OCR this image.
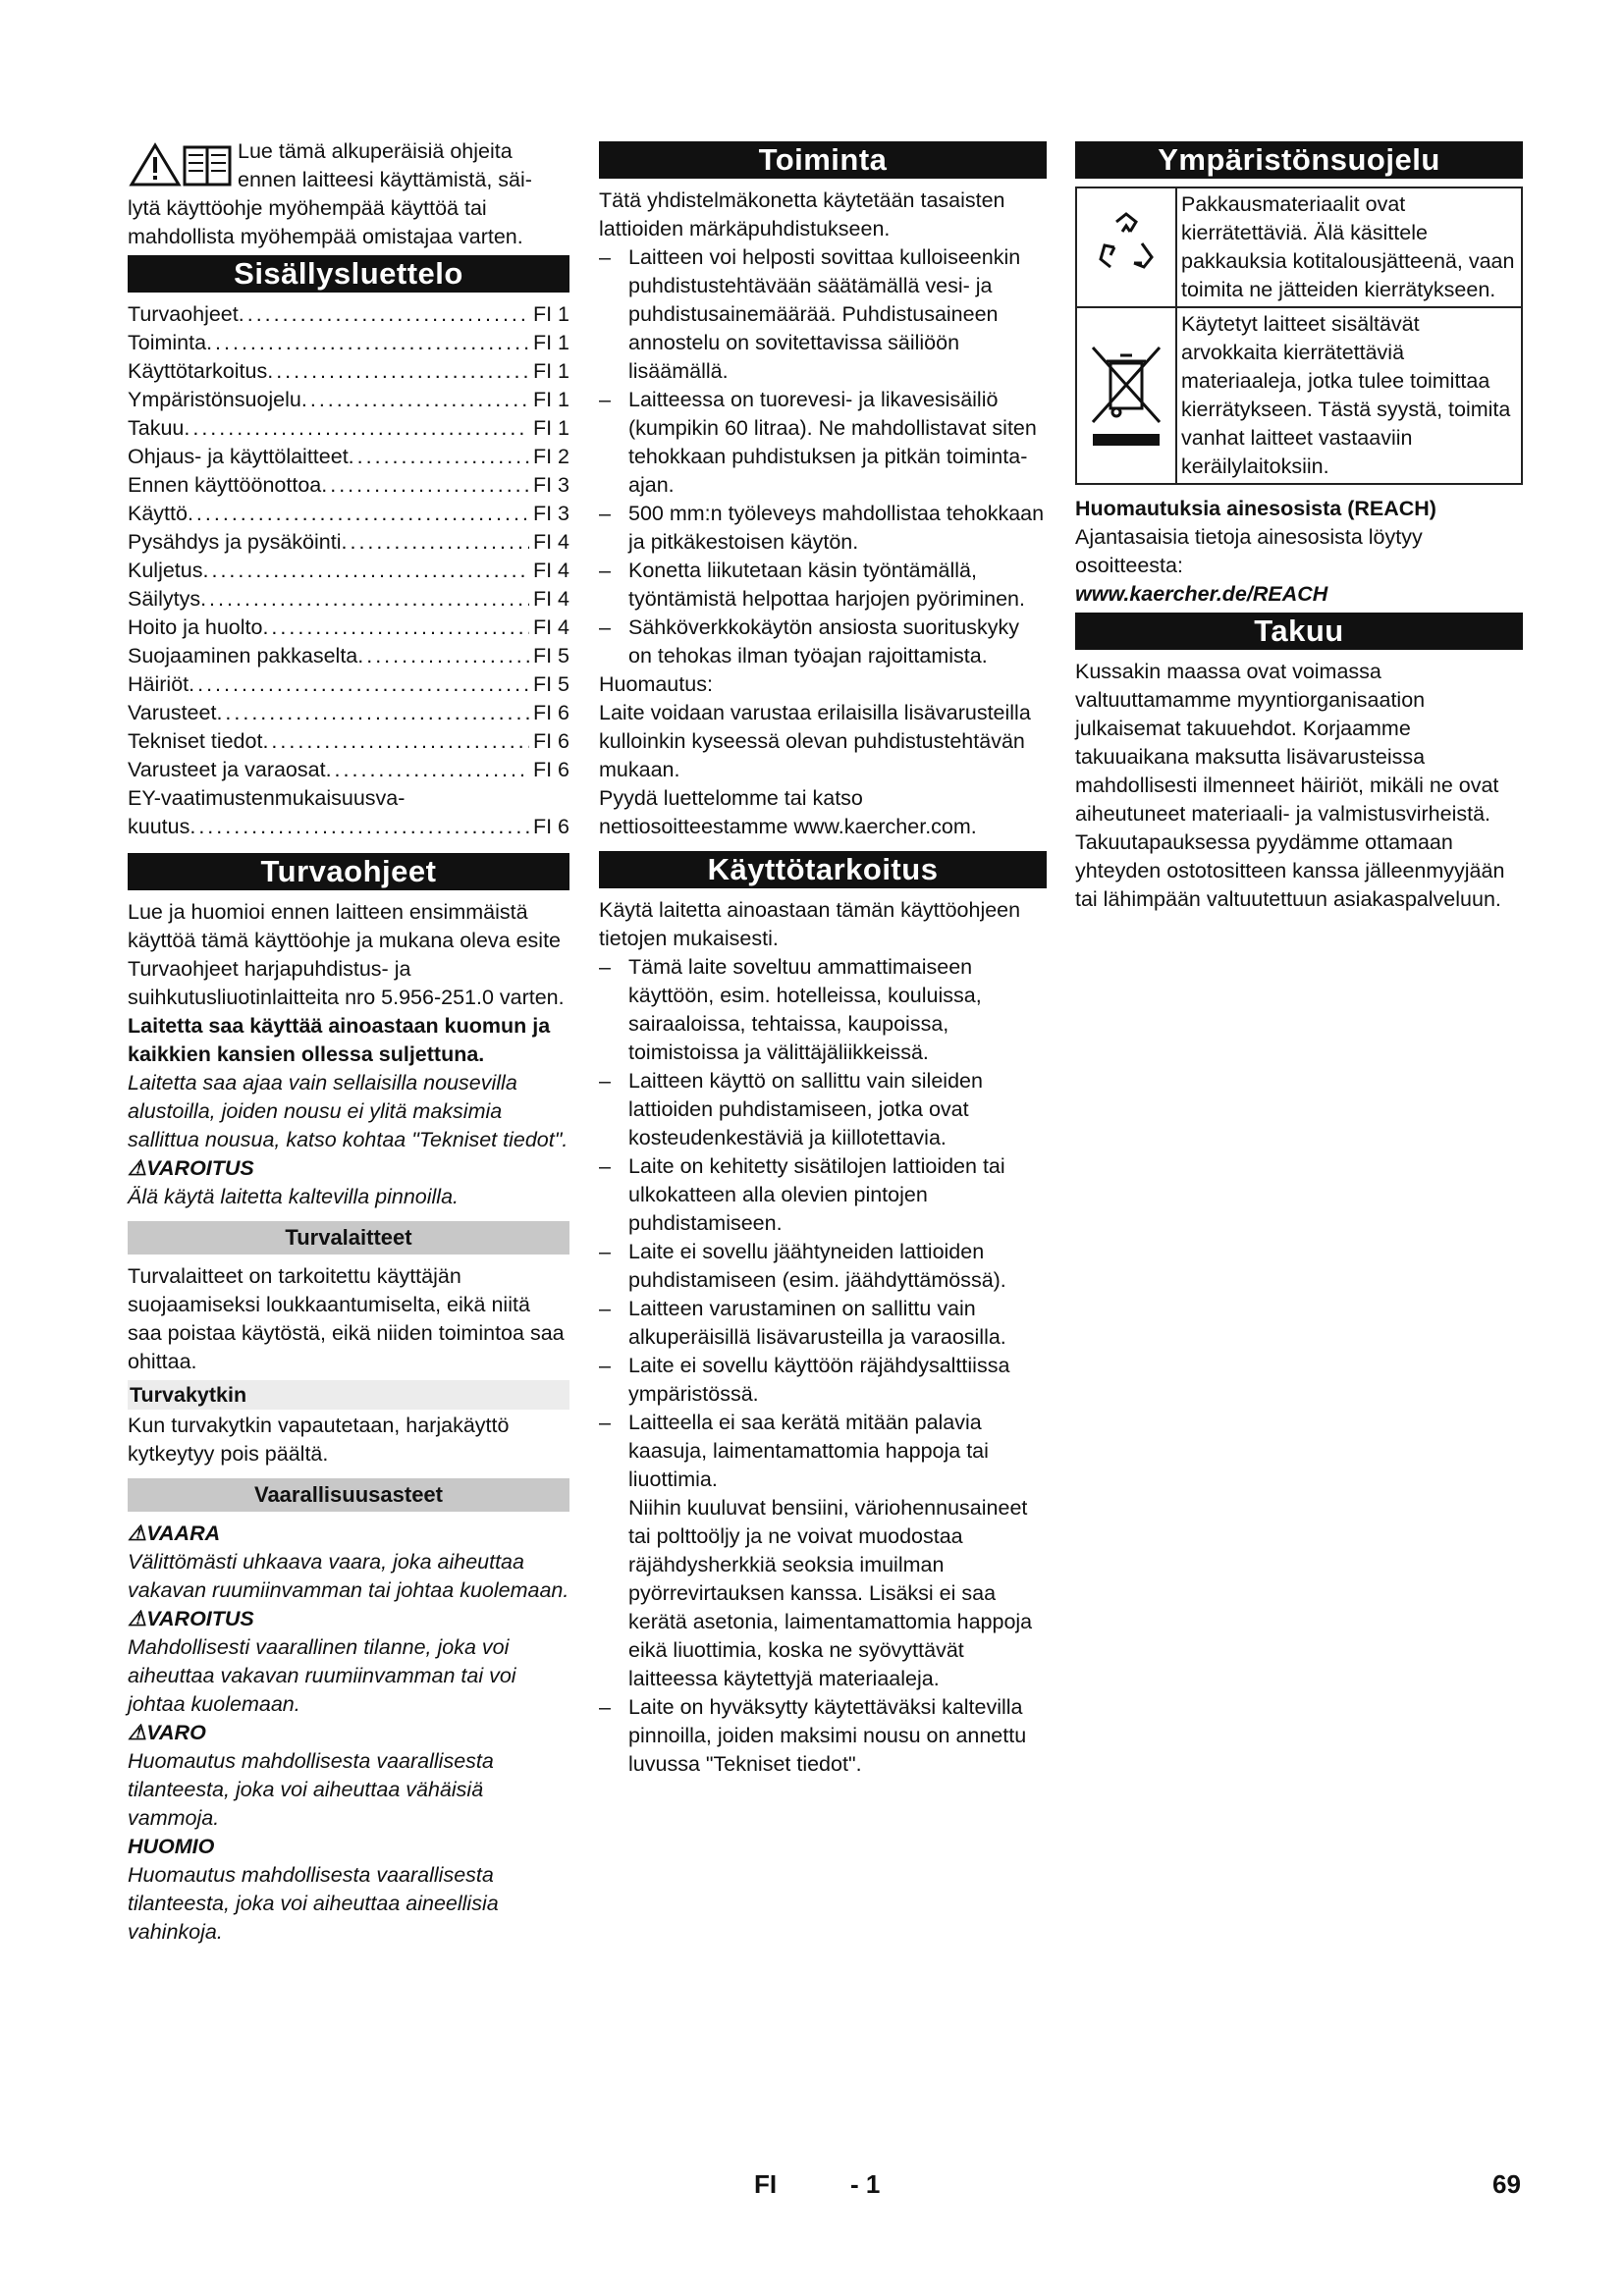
Lue tämä alkuperäisiä ohjeita

ennen laitteesi käyttämistä, säi-

lytä käyttöohje myöhempää käyttöä tai mahdollista myöhempää omistajaa varten.

Sisällysluettelo
Turvaohjeet .....	FI 1
Toiminta .....	FI 1
Käyttötarkoitus .....	FI 1
Ympäristönsuojelu .....	FI 1
Takuu .....	FI 1
Ohjaus- ja käyttölaitteet .....	FI 2
Ennen käyttöönottoa .....	FI 3
Käyttö .....	FI 3
Pysähdys ja pysäköinti .....	FI 4
Kuljetus .....	FI 4
Säilytys .....	FI 4
Hoito ja huolto .....	FI 4
Suojaaminen pakkaselta .....	FI 5
Häiriöt .....	FI 5
Varusteet .....	FI 6
Tekniset tiedot .....	FI 6
Varusteet ja varaosat .....	FI 6

EY-vaatimustenmukaisuusva-

kuutus .....	FI 6
Turvaohjeet

Lue ja huomioi ennen laitteen ensimmäistä käyttöä tämä käyttöohje ja mukana oleva esite Turvaohjeet harjapuhdistus- ja suihkutusliuotinlaitteita nro 5.956-251.0 varten.

Laitetta saa käyttää ainoastaan kuomun ja kaikkien kansien ollessa suljettuna.

Laitetta saa ajaa vain sellaisilla nousevilla alustoilla, joiden nousu ei ylitä maksimia sallittua nousua, katso kohtaa "Tekniset tiedot".

⚠VAROITUS

Älä käytä laitetta kaltevilla pinnoilla.

Turvalaitteet

Turvalaitteet on tarkoitettu käyttäjän suojaamiseksi loukkaantumiselta, eikä niitä saa poistaa käytöstä, eikä niiden toimintoa saa ohittaa.

Turvakytkin

Kun turvakytkin vapautetaan, harjakäyttö kytkeytyy pois päältä.

Vaarallisuusasteet

⚠VAARA

Välittömästi uhkaava vaara, joka aiheuttaa vakavan ruumiinvamman tai johtaa kuolemaan.

⚠VAROITUS

Mahdollisesti vaarallinen tilanne, joka voi aiheuttaa vakavan ruumiinvamman tai voi johtaa kuolemaan.

⚠VARO

Huomautus mahdollisesta vaarallisesta tilanteesta, joka voi aiheuttaa vähäisiä vammoja.

HUOMIO

Huomautus mahdollisesta vaarallisesta tilanteesta, joka voi aiheuttaa aineellisia vahinkoja.

Toiminta

Tätä yhdistelmäkonetta käytetään tasaisten lattioiden märkäpuhdistukseen.

– Laitteen voi helposti sovittaa kulloiseenkin puhdistustehtävään säätämällä vesi- ja puhdistusainemäärää. Puhdistusaineen annostelu on sovitettavissa säiliöön lisäämällä.
– Laitteessa on tuorevesi- ja likavesisäiliö (kumpikin 60 litraa). Ne mahdollistavat siten tehokkaan puhdistuksen ja pitkän toiminta-ajan.
– 500 mm:n työleveys mahdollistaa tehokkaan ja pitkäkestoisen käytön.
– Konetta liikutetaan käsin työntämällä, työntämistä helpottaa harjojen pyöriminen.
– Sähköverkkokäytön ansiosta suorituskyky on tehokas ilman työajan rajoittamista.

Huomautus:

Laite voidaan varustaa erilaisilla lisävarusteilla kulloinkin kyseessä olevan puhdistustehtävän mukaan.

Pyydä luettelomme tai katso nettiosoitteestamme www.kaercher.com.

Käyttötarkoitus

Käytä laitetta ainoastaan tämän käyttöohjeen tietojen mukaisesti.

– Tämä laite soveltuu ammattimaiseen käyttöön, esim. hotelleissa, kouluissa, sairaaloissa, tehtaissa, kaupoissa, toimistoissa ja välittäjäliikkeissä.
– Laitteen käyttö on sallittu vain sileiden lattioiden puhdistamiseen, jotka ovat kosteudenkestäviä ja kiillotettavia.
– Laite on kehitetty sisätilojen lattioiden tai ulkokatteen alla olevien pintojen puhdistamiseen.
– Laite ei sovellu jäähtyneiden lattioiden puhdistamiseen (esim. jäähdyttämössä).
– Laitteen varustaminen on sallittu vain alkuperäisillä lisävarusteilla ja varaosilla.
– Laite ei sovellu käyttöön räjähdysalttiissa ympäristössä.
– Laitteella ei saa kerätä mitään palavia kaasuja, laimentamattomia happoja tai liuottimia.

Niihin kuuluvat bensiini, väriohennusaineet tai polttoöljy ja ne voivat muodostaa räjähdysherkkiä seoksia imuilman pyörrevirtauksen kanssa. Lisäksi ei saa kerätä asetonia, laimentamattomia happoja eikä liuottimia, koska ne syövyttävät laitteessa käytettyjä materiaaleja.

– Laite on hyväksytty käytettäväksi kaltevilla pinnoilla, joiden maksimi nousu on annettu luvussa "Tekniset tiedot".
Ympäristönsuojelu
Pakkausmateriaalit ovat kierrätettäviä. Älä käsittele pakkauksia kotitalousjätteenä, vaan toimita ne jätteiden kierrätykseen.
Käytetyt laitteet sisältävät arvokkaita kierrätettäviä materiaaleja, jotka tulee toimittaa kierrätykseen. Tästä syystä, toimita vanhat laitteet vastaaviin keräilylaitoksiin.

Huomautuksia ainesosista (REACH)

Ajantasaisia tietoja ainesosista löytyy osoitteesta:

www.kaercher.de/REACH

Takuu

Kussakin maassa ovat voimassa valtuuttamamme myyntiorganisaation julkaisemat takuuehdot. Korjaamme takuuaikana maksutta lisävarusteissa mahdollisesti ilmenneet häiriöt, mikäli ne ovat aiheutuneet materiaali- ja valmistusvirheistä. Takuutapauksessa pyydämme ottamaan yhteyden ostotositteen kanssa jälleenmyyjään tai lähimpään valtuutettuun asiakaspalveluun.

FI	- 1	69
